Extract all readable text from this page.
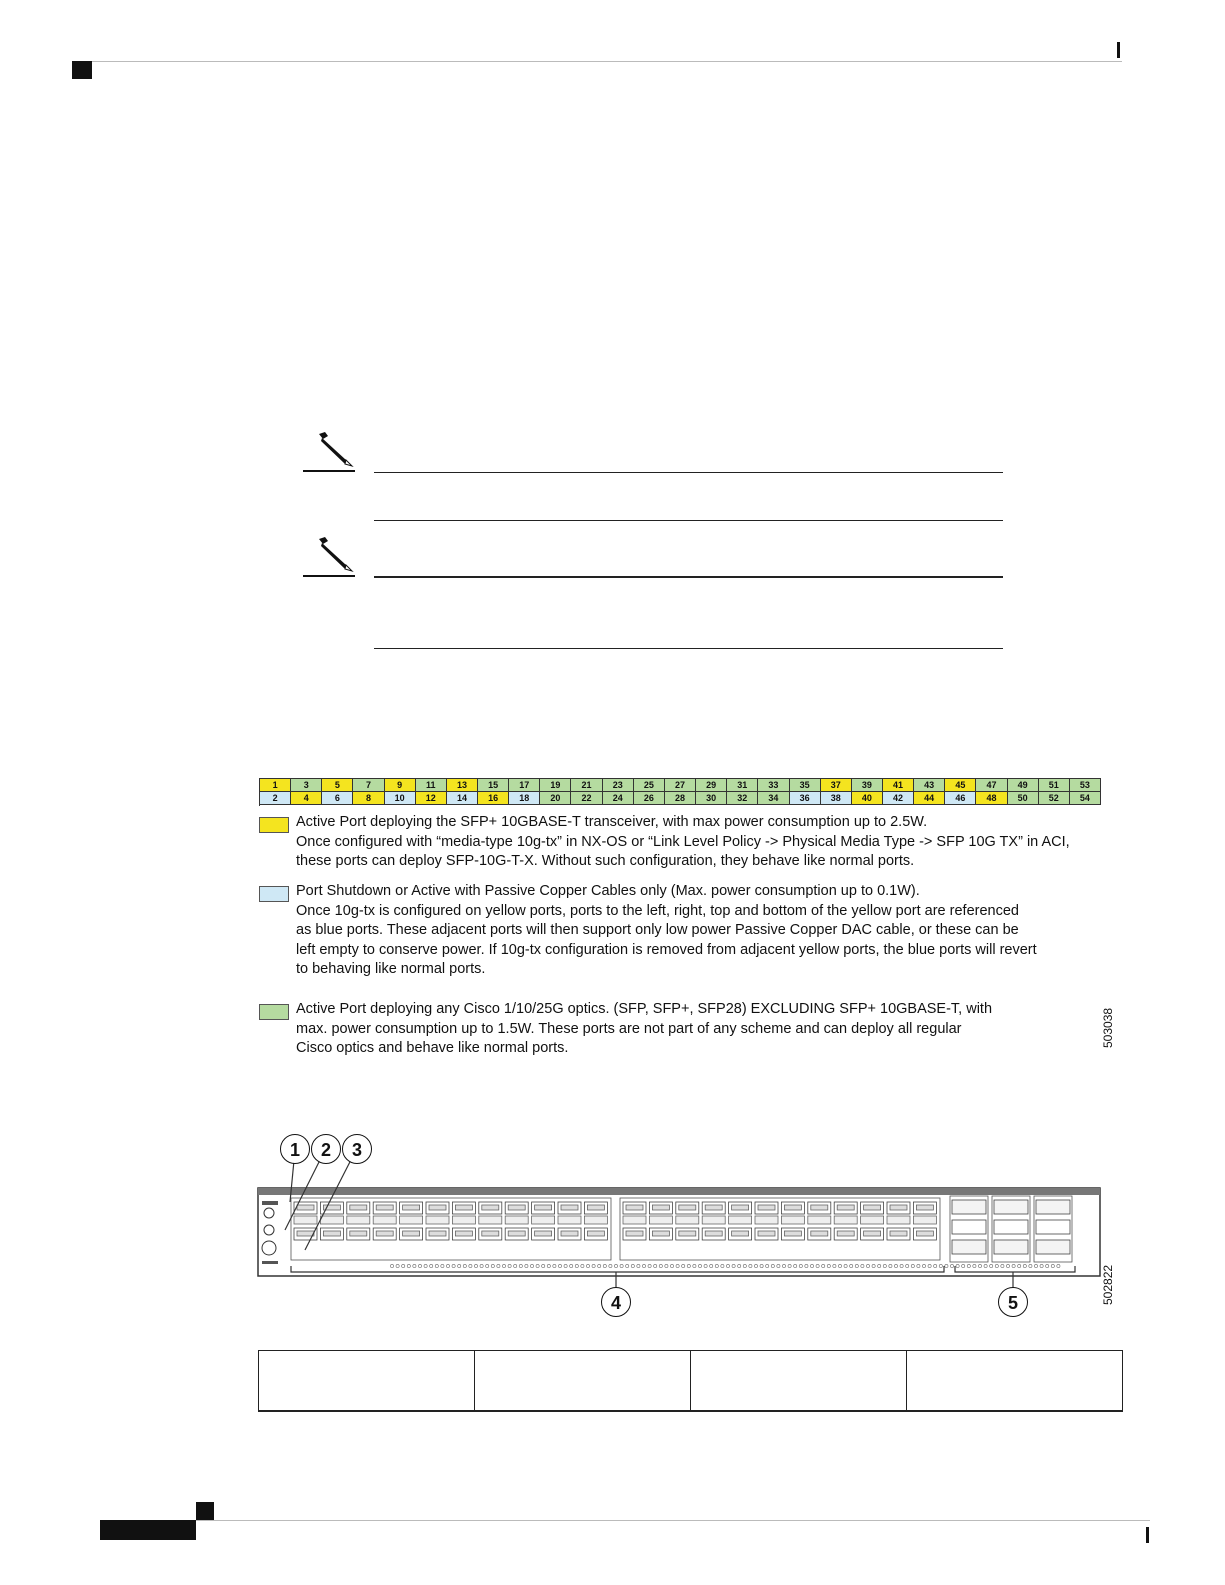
1	3	5	7	9	11	13	15	17	19	21	23	25	27	29	31	33	35	37	39	41	43	45	47	49	51	53
2	4	6	8	10	12	14	16	18	20	22	24	26	28	30	32	34	36	38	40	42	44	46	48	50	52	54
Active Port deploying the SFP+ 10GBASE-T transceiver, with max power consumption up to 2.5W.
Once configured with “media-type 10g-tx” in NX-OS or “Link Level Policy -> Physical Media Type -> SFP 10G TX” in ACI,
these ports can deploy SFP-10G-T-X. Without such configuration, they behave like normal ports.
Port Shutdown or Active with Passive Copper Cables only (Max. power consumption up to 0.1W).
Once 10g-tx is configured on yellow ports, ports to the left, right, top and bottom of the yellow port are referenced
as blue ports. These adjacent ports will then support only low power Passive Copper DAC cable, or these can be
left empty to conserve power. If 10g-tx configuration is removed from adjacent yellow ports, the blue ports will revert
to behaving like normal ports.
Active Port deploying any Cisco 1/10/25G optics. (SFP, SFP+, SFP28) EXCLUDING SFP+ 10GBASE-T, with
max. power consumption up to 1.5W. These ports are not part of any scheme and can deploy all regular
Cisco optics and behave like normal ports.	503038
1	2	3
4	5	502822
